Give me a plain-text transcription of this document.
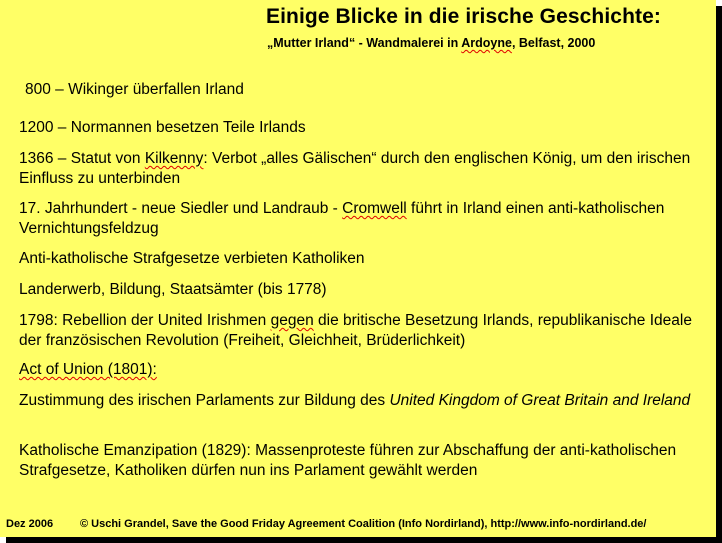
Einige Blicke in die irische Geschichte:
„Mutter Irland“ - Wandmalerei in Ardoyne, Belfast, 2000
800 – Wikinger überfallen Irland
1200 – Normannen besetzen Teile Irlands
1366 – Statut von Kilkenny: Verbot „alles Gälischen“ durch den englischen König, um den irischen Einfluss zu unterbinden
17. Jahrhundert - neue Siedler und Landraub - Cromwell führt in Irland einen anti-katholischen Vernichtungsfeldzug
Anti-katholische Strafgesetze verbieten Katholiken
Landerwerb, Bildung, Staatsämter (bis 1778)
1798: Rebellion der United Irishmen gegen die britische Besetzung Irlands, republikanische Ideale der französischen Revolution (Freiheit, Gleichheit, Brüderlichkeit)
Act of Union (1801):
Zustimmung des irischen Parlaments zur Bildung des United Kingdom of Great Britain and Ireland
Katholische Emanzipation (1829): Massenproteste führen zur Abschaffung der anti-katholischen Strafgesetze, Katholiken dürfen nun ins Parlament gewählt werden
Dez 2006 © Uschi Grandel, Save the Good Friday Agreement Coalition (Info Nordirland), http://www.info-nordirland.de/
